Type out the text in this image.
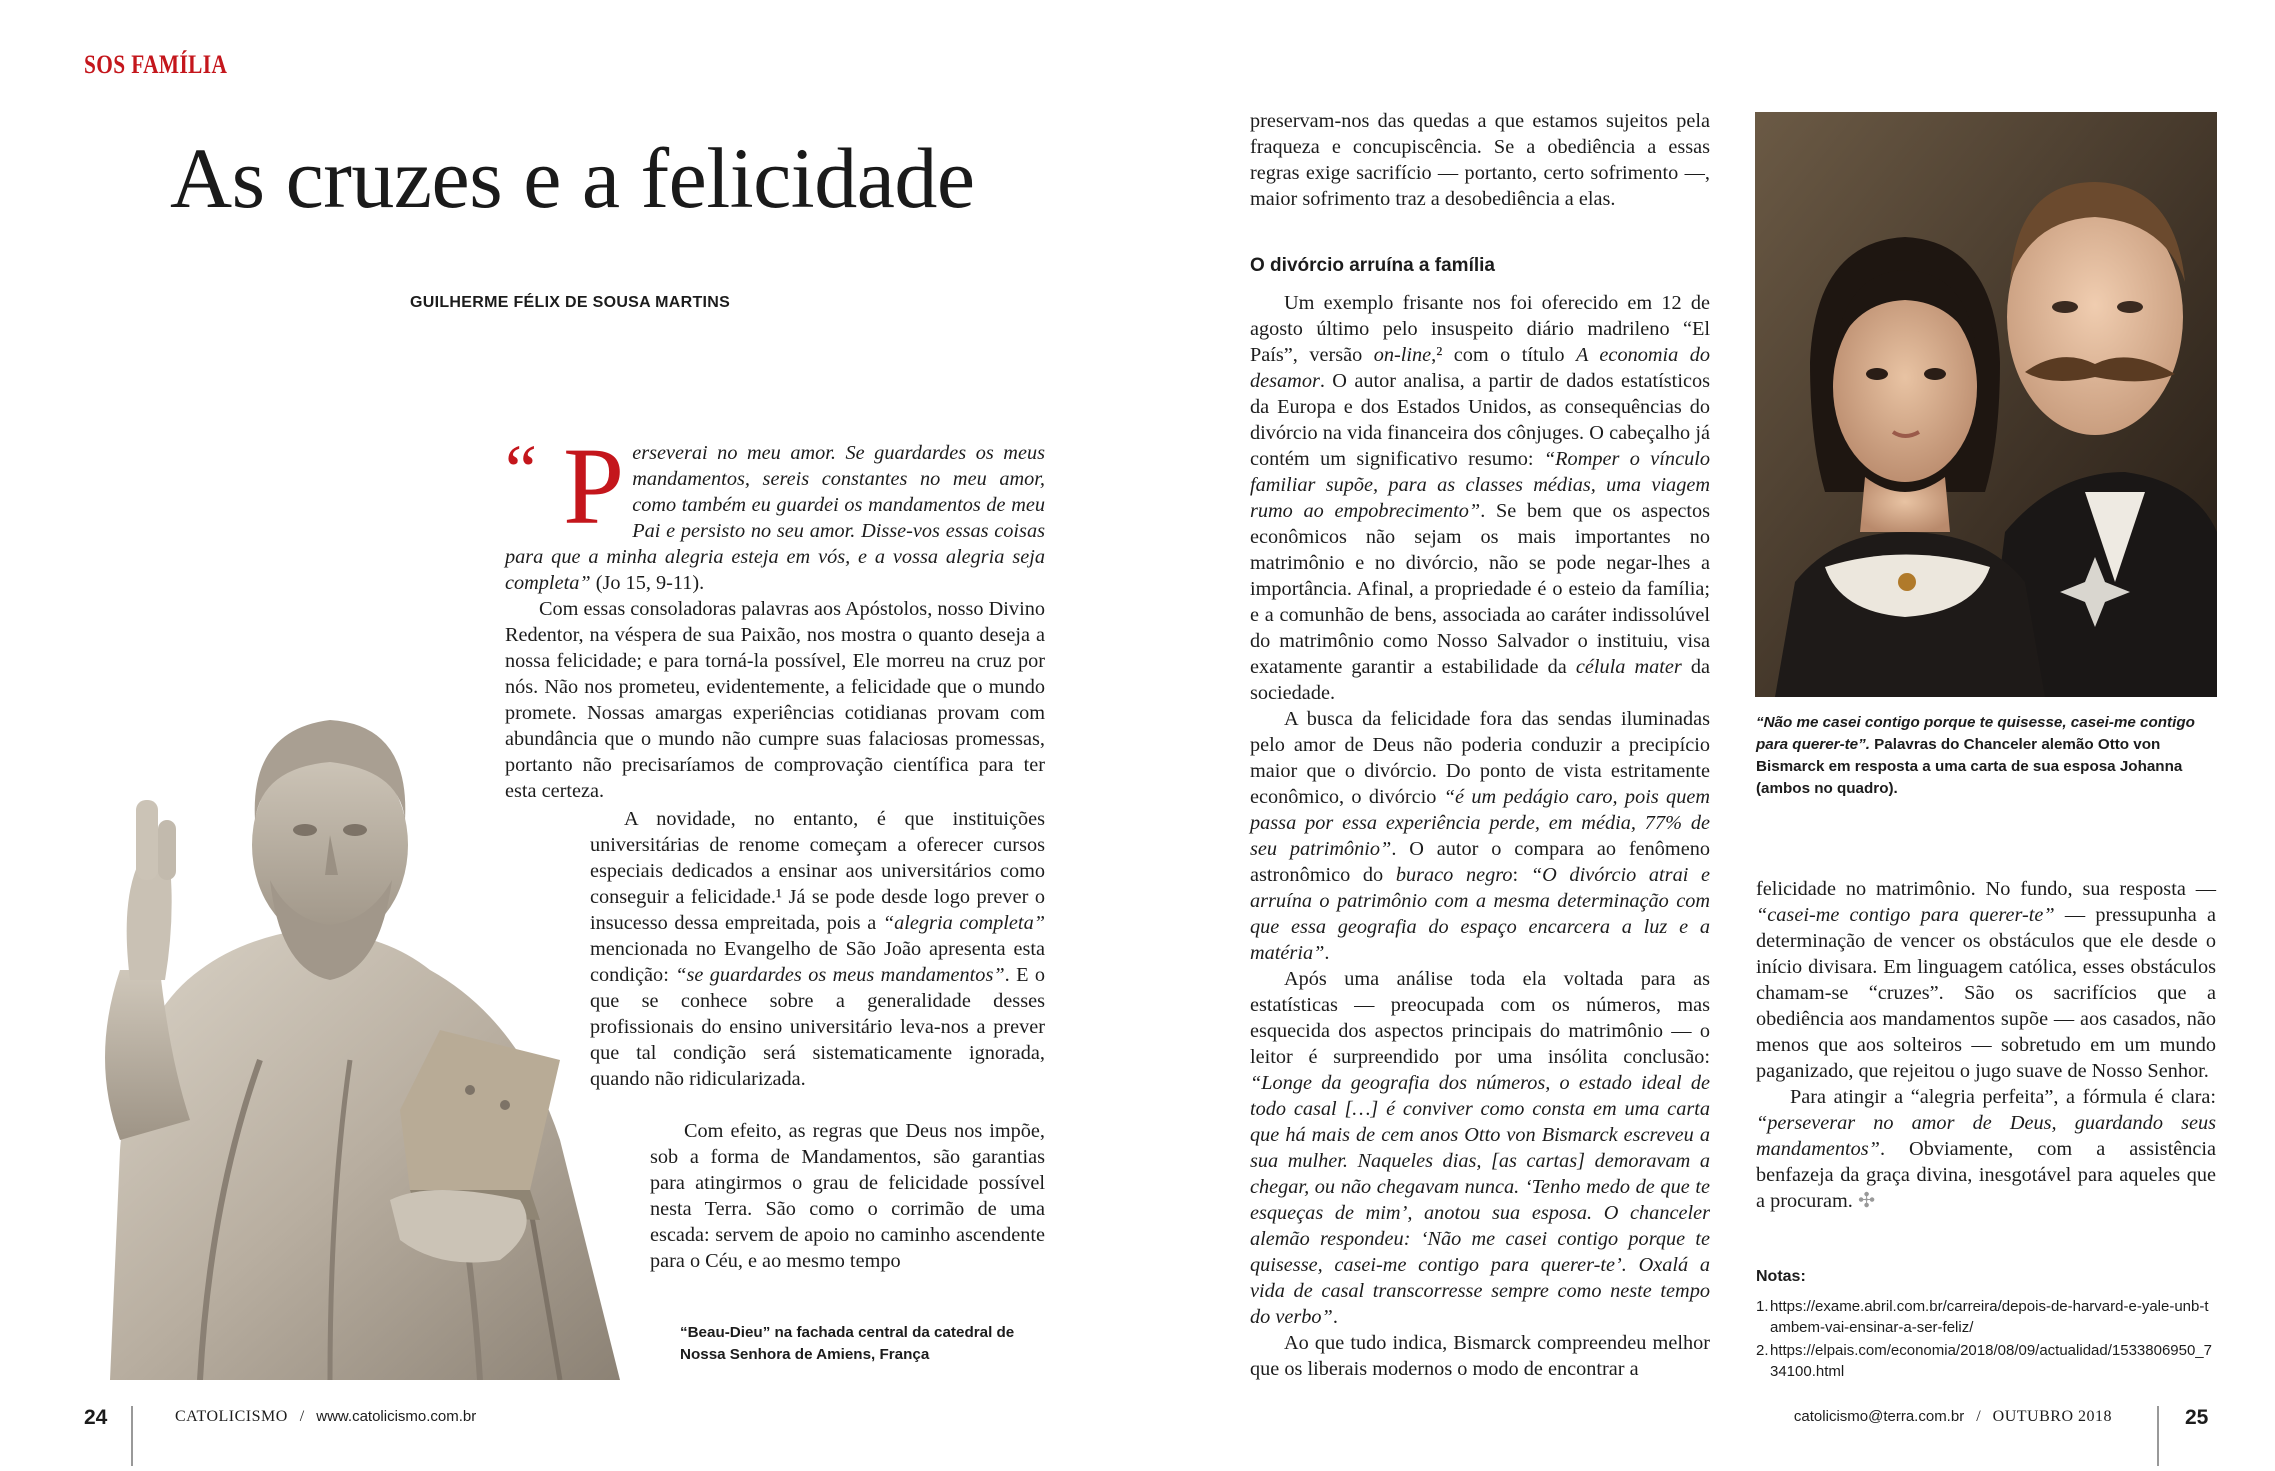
SOS FAMÍLIA
As cruzes e a felicidade
GUILHERME FÉLIX DE SOUSA MARTINS
“ Perseverai no meu amor. Se guardardes os meus mandamentos, sereis constantes no meu amor, como também eu guardei os mandamentos de meu Pai e persisto no seu amor. Disse-vos essas coisas para que a minha alegria esteja em vós, e a vossa alegria seja completa” (Jo 15, 9-11).

Com essas consoladoras palavras aos Apóstolos, nosso Divino Redentor, na véspera de sua Paixão, nos mostra o quanto deseja a nossa felicidade; e para torná-la possível, Ele morreu na cruz por nós. Não nos prometeu, evidentemente, a felicidade que o mundo promete. Nossas amargas experiências cotidianas provam com abundância que o mundo não cumpre suas falaciosas promessas, portanto não precisaríamos de comprovação científica para ter esta certeza.

A novidade, no entanto, é que instituições universitárias de renome começam a oferecer cursos especiais dedicados a ensinar aos universitários como conseguir a felicidade.¹ Já se pode desde logo prever o insucesso dessa empreitada, pois a “alegria completa” mencionada no Evangelho de São João apresenta esta condição: “se guardardes os meus mandamentos”. E o que se conhece sobre a generalidade desses profissionais do ensino universitário leva-nos a prever que tal condição será sistematicamente ignorada, quando não ridicularizada.

Com efeito, as regras que Deus nos impõe, sob a forma de Mandamentos, são garantias para atingirmos o grau de felicidade possível nesta Terra. São como o corrimão de uma escada: servem de apoio no caminho ascendente para o Céu, e ao mesmo tempo

“Beau-Dieu” na fachada central da catedral de Nossa Senhora de Amiens, França

preservam-nos das quedas a que estamos sujeitos pela fraqueza e concupiscência. Se a obediência a essas regras exige sacrifício — portanto, certo sofrimento —, maior sofrimento traz a desobediência a elas.

O divórcio arruína a família

Um exemplo frisante nos foi oferecido em 12 de agosto último pelo insuspeito diário madrileno “El País”, versão on-line,² com o título A economia do desamor. O autor analisa, a partir de dados estatísticos da Europa e dos Estados Unidos, as consequências do divórcio na vida financeira dos cônjuges. O cabeçalho já contém um significativo resumo: “Romper o vínculo familiar supõe, para as classes médias, uma viagem rumo ao empobrecimento”. Se bem que os aspectos econômicos não sejam os mais importantes no matrimônio e no divórcio, não se pode negar-lhes a importância. Afinal, a propriedade é o esteio da família; e a comunhão de bens, associada ao caráter indissolúvel do matrimônio como Nosso Salvador o instituiu, visa exatamente garantir a estabilidade da célula mater da sociedade.

A busca da felicidade fora das sendas iluminadas pelo amor de Deus não poderia conduzir a precipício maior que o divórcio. Do ponto de vista estritamente econômico, o divórcio “é um pedágio caro, pois quem passa por essa experiência perde, em média, 77% de seu patrimônio”. O autor o compara ao fenômeno astronômico do buraco negro: “O divórcio atrai e arruína o patrimônio com a mesma determinação com que essa geografia do espaço encarcera a luz e a matéria”.

Após uma análise toda ela voltada para as estatísticas — preocupada com os números, mas esquecida dos aspectos principais do matrimônio — o leitor é surpreendido por uma insólita conclusão: “Longe da geografia dos números, o estado ideal de todo casal […] é conviver como consta em uma carta que há mais de cem anos Otto von Bismarck escreveu a sua mulher. Naqueles dias, [as cartas] demoravam a chegar, ou não chegavam nunca. ‘Tenho medo de que te esqueças de mim’, anotou sua esposa. O chanceler alemão respondeu: ‘Não me casei contigo porque te quisesse, casei-me contigo para querer-te’. Oxalá a vida de casal transcorresse sempre como neste tempo do verbo”.

Ao que tudo indica, Bismarck compreendeu melhor que os liberais modernos o modo de encontrar a

“Não me casei contigo porque te quisesse, casei-me contigo para querer-te”. Palavras do Chanceler alemão Otto von Bismarck em resposta a uma carta de sua esposa Johanna (ambos no quadro).

felicidade no matrimônio. No fundo, sua resposta — “casei-me contigo para querer-te” — pressupunha a determinação de vencer os obstáculos que ele desde o início divisara. Em linguagem católica, esses obstáculos chamam-se “cruzes”. São os sacrifícios que a obediência aos mandamentos supõe — aos casados, não menos que aos solteiros — sobretudo em um mundo paganizado, que rejeitou o jugo suave de Nosso Senhor.

Para atingir a “alegria perfeita”, a fórmula é clara: “perseverar no amor de Deus, guardando seus mandamentos”. Obviamente, com a assistência benfazeja da graça divina, inesgotável para aqueles que a procuram. ✣

Notas:
1.https://exame.abril.com.br/carreira/depois-de-harvard-e-yale-unb-tambem-vai-ensinar-a-ser-feliz/
2.https://elpais.com/economia/2018/08/09/actualidad/1533806950_734100.html
24	CATOLICISMO / www.catolicismo.com.br	catolicismo@terra.com.br / OUTUBRO 2018	25
